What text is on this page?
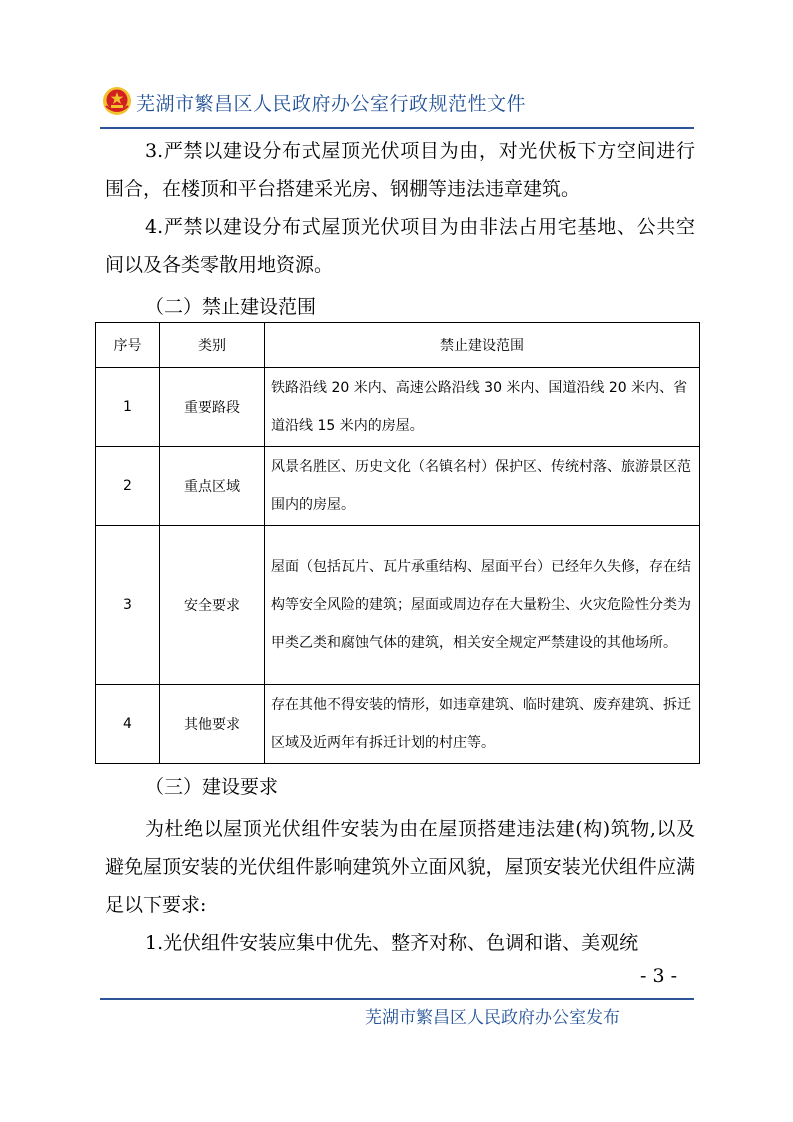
芜湖市繁昌区人民政府办公室行政规范性文件
3.严禁以建设分布式屋顶光伏项目为由，对光伏板下方空间进行围合，在楼顶和平台搭建采光房、钢棚等违法违章建筑。
4.严禁以建设分布式屋顶光伏项目为由非法占用宅基地、公共空间以及各类零散用地资源。
（二）禁止建设范围
序号	类别	禁止建设范围
1	重要路段	铁路沿线 20 米内、高速公路沿线 30 米内、国道沿线 20 米内、省道沿线 15 米内的房屋。
2	重点区域	风景名胜区、历史文化（名镇名村）保护区、传统村落、旅游景区范围内的房屋。
3	安全要求	屋面（包括瓦片、瓦片承重结构、屋面平台）已经年久失修，存在结构等安全风险的建筑；屋面或周边存在大量粉尘、火灾危险性分类为甲类乙类和腐蚀气体的建筑，相关安全规定严禁建设的其他场所。
4	其他要求	存在其他不得安装的情形，如违章建筑、临时建筑、废弃建筑、拆迁区域及近两年有拆迁计划的村庄等。
（三）建设要求
为杜绝以屋顶光伏组件安装为由在屋顶搭建违法建(构)筑物,以及避免屋顶安装的光伏组件影响建筑外立面风貌，屋顶安装光伏组件应满足以下要求:
1.光伏组件安装应集中优先、整齐对称、色调和谐、美观统
- 3 -
芜湖市繁昌区人民政府办公室发布
